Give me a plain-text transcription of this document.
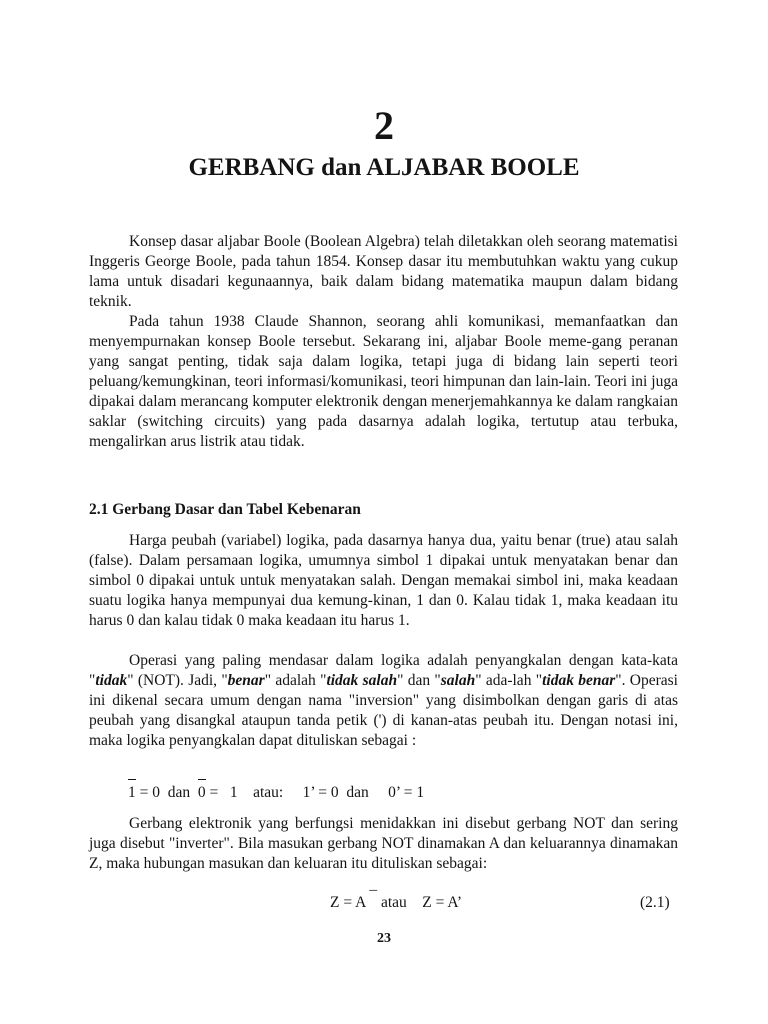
2
GERBANG dan ALJABAR BOOLE

Konsep dasar aljabar Boole (Boolean Algebra) telah diletakkan oleh seorang matematisi Inggeris George Boole, pada tahun 1854. Konsep dasar itu membutuhkan waktu yang cukup lama untuk disadari kegunaannya, baik dalam bidang matematika maupun dalam bidang teknik.

Pada tahun 1938 Claude Shannon, seorang ahli komunikasi, memanfaatkan dan menyempurnakan konsep Boole tersebut. Sekarang ini, aljabar Boole meme-gang peranan yang sangat penting, tidak saja dalam logika, tetapi juga di bidang lain seperti teori peluang/kemungkinan, teori informasi/komunikasi, teori himpunan dan lain-lain. Teori ini juga dipakai dalam merancang komputer elektronik dengan menerjemahkannya ke dalam rangkaian saklar (switching circuits) yang pada dasarnya adalah logika, tertutup atau terbuka, mengalirkan arus listrik atau tidak.

2.1 Gerbang Dasar dan Tabel Kebenaran

Harga peubah (variabel) logika, pada dasarnya hanya dua, yaitu benar (true) atau salah (false). Dalam persamaan logika, umumnya simbol 1 dipakai untuk menyatakan benar dan simbol 0 dipakai untuk untuk menyatakan salah. Dengan memakai simbol ini, maka keadaan suatu logika hanya mempunyai dua kemung-kinan, 1 dan 0. Kalau tidak 1, maka keadaan itu harus 0 dan kalau tidak 0 maka keadaan itu harus 1.

Operasi yang paling mendasar dalam logika adalah penyangkalan dengan kata-kata "tidak" (NOT). Jadi, "benar" adalah "tidak salah" dan "salah" ada-lah "tidak benar". Operasi ini dikenal secara umum dengan nama "inversion" yang disimbolkan dengan garis di atas peubah yang disangkal ataupun tanda petik (') di kanan-atas peubah itu. Dengan notasi ini, maka logika penyangkalan dapat dituliskan sebagai :

1 = 0  dan  0 =   1    atau:     1’ = 0  dan     0’ = 1

Gerbang elektronik yang berfungsi menidakkan ini disebut gerbang NOT dan sering juga disebut "inverter". Bila masukan gerbang NOT dinamakan A dan keluarannya dinamakan Z, maka hubungan masukan dan keluaran itu dituliskan sebagai:

Z = A ¯ atau    Z = A’	(2.1)
23
